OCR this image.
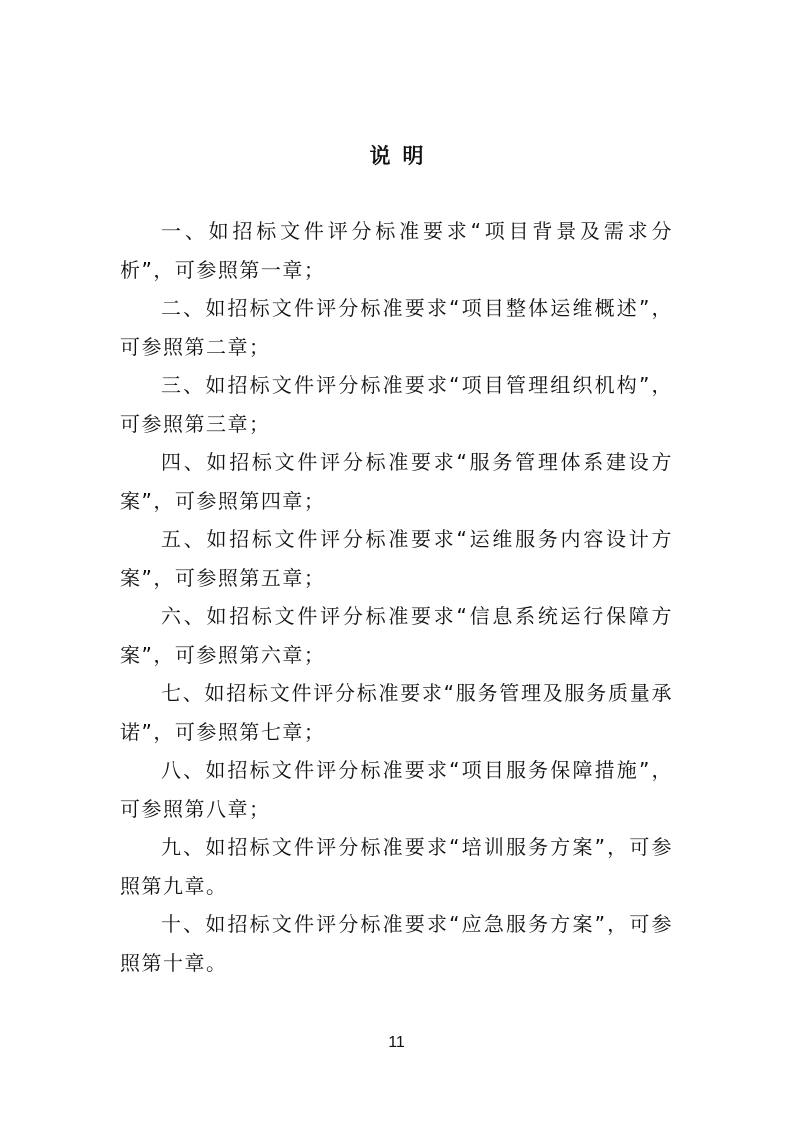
说明

一、如招标文件评分标准要求“项目背景及需求分析”，可参照第一章；

二、如招标文件评分标准要求“项目整体运维概述”，可参照第二章；

三、如招标文件评分标准要求“项目管理组织机构”，可参照第三章；

四、如招标文件评分标准要求“服务管理体系建设方案”，可参照第四章；

五、如招标文件评分标准要求“运维服务内容设计方案”，可参照第五章；

六、如招标文件评分标准要求“信息系统运行保障方案”，可参照第六章；

七、如招标文件评分标准要求“服务管理及服务质量承诺”，可参照第七章；

八、如招标文件评分标准要求“项目服务保障措施”，可参照第八章；

九、如招标文件评分标准要求“培训服务方案”，可参照第九章。

十、如招标文件评分标准要求“应急服务方案”，可参照第十章。

11
